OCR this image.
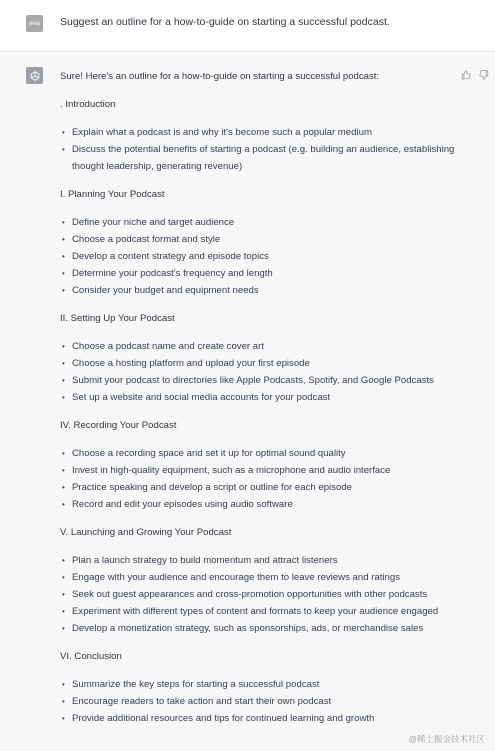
ewa Suggest an outline for a how-to-guide on starting a successful podcast.

Sure! Here's an outline for a how-to-guide on starting a successful podcast:

. Introduction

• Explain what a podcast is and why it's become such a popular medium
• Discuss the potential benefits of starting a podcast (e.g. building an audience, establishing thought leadership, generating revenue)

I. Planning Your Podcast

• Define your niche and target audience
• Choose a podcast format and style
• Develop a content strategy and episode topics
• Determine your podcast's frequency and length
• Consider your budget and equipment needs

II. Setting Up Your Podcast

• Choose a podcast name and create cover art
• Choose a hosting platform and upload your first episode
• Submit your podcast to directories like Apple Podcasts, Spotify, and Google Podcasts
• Set up a website and social media accounts for your podcast

IV. Recording Your Podcast

• Choose a recording space and set it up for optimal sound quality
• Invest in high-quality equipment, such as a microphone and audio interface
• Practice speaking and develop a script or outline for each episode
• Record and edit your episodes using audio software

V. Launching and Growing Your Podcast

• Plan a launch strategy to build momentum and attract listeners
• Engage with your audience and encourage them to leave reviews and ratings
• Seek out guest appearances and cross-promotion opportunities with other podcasts
• Experiment with different types of content and formats to keep your audience engaged
• Develop a monetization strategy, such as sponsorships, ads, or merchandise sales

VI. Conclusion

• Summarize the key steps for starting a successful podcast
• Encourage readers to take action and start their own podcast
• Provide additional resources and tips for continued learning and growth
@稀土掘金技术社区
